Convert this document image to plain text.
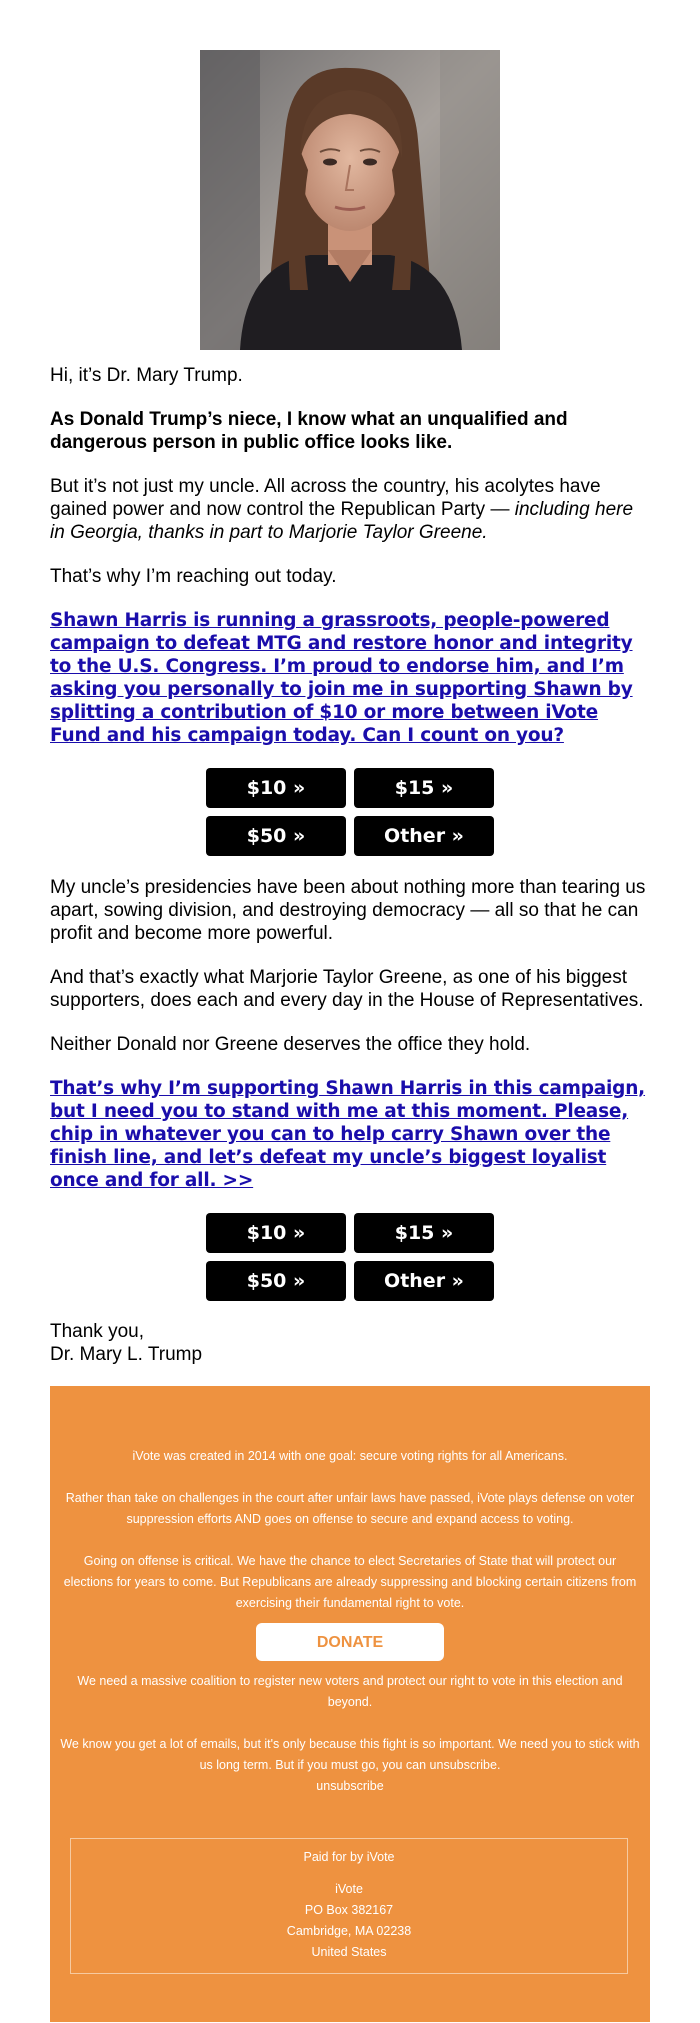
Hi, it’s Dr. Mary Trump.

As Donald Trump’s niece, I know what an unqualified and dangerous person in public office looks like.

But it’s not just my uncle. All across the country, his acolytes have gained power and now control the Republican Party — including here in Georgia, thanks in part to Marjorie Taylor Greene.

That’s why I’m reaching out today.

Shawn Harris is running a grassroots, people-powered campaign to defeat MTG and restore honor and integrity to the U.S. Congress. I’m proud to endorse him, and I’m asking you personally to join me in supporting Shawn by splitting a contribution of $10 or more between iVote Fund and his campaign today. Can I count on you?
$10 »	$15 »
$50 »	Other »

My uncle’s presidencies have been about nothing more than tearing us apart, sowing division, and destroying democracy — all so that he can profit and become more powerful.

And that’s exactly what Marjorie Taylor Greene, as one of his biggest supporters, does each and every day in the House of Representatives.

Neither Donald nor Greene deserves the office they hold.

That’s why I’m supporting Shawn Harris in this campaign, but I need you to stand with me at this moment. Please, chip in whatever you can to help carry Shawn over the finish line, and let’s defeat my uncle’s biggest loyalist once and for all. >>
$10 »	$15 »
$50 »	Other »
Thank you,
Dr. Mary L. Trump

iVote was created in 2014 with one goal: secure voting rights for all Americans.

Rather than take on challenges in the court after unfair laws have passed, iVote plays defense on voter suppression efforts AND goes on offense to secure and expand access to voting.

Going on offense is critical. We have the chance to elect Secretaries of State that will protect our elections for years to come. But Republicans are already suppressing and blocking certain citizens from exercising their fundamental right to vote.

DONATE

We need a massive coalition to register new voters and protect our right to vote in this election and beyond.

We know you get a lot of emails, but it's only because this fight is so important. We need you to stick with us long term. But if you must go, you can unsubscribe.

unsubscribe

Paid for by iVote

iVote

PO Box 382167

Cambridge, MA 02238

United States
